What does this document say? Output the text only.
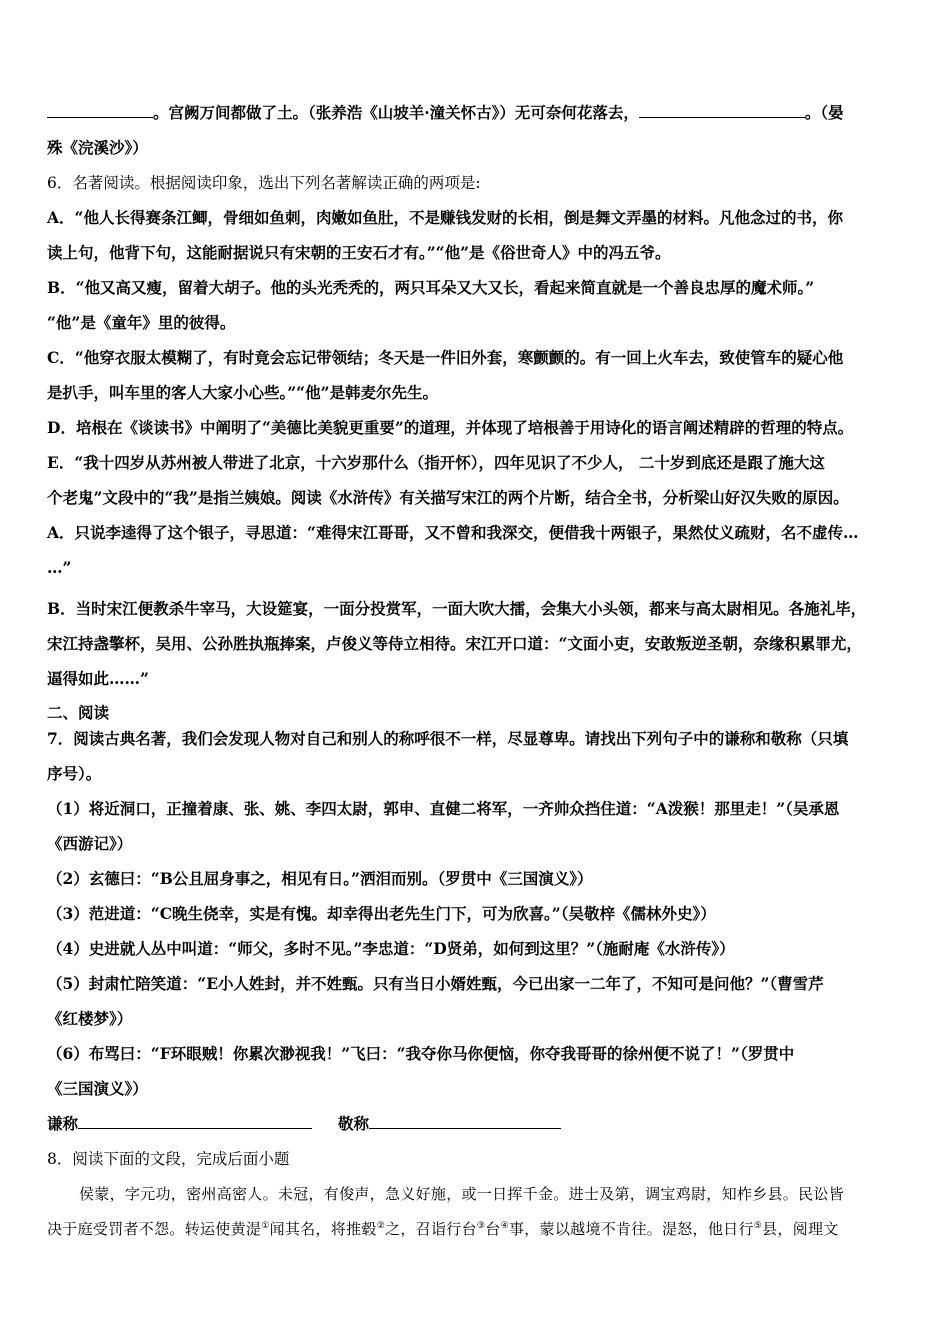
。宫阙万间都做了土。（张养浩《山坡羊·潼关怀古》）无可奈何花落去，	。（晏
殊《浣溪沙》）
6．名著阅读。根据阅读印象，选出下列名著解读正确的两项是:
A．“他人长得赛条江鲫，骨细如鱼刺，肉嫩如鱼肚，不是赚钱发财的长相，倒是舞文弄墨的材料。凡他念过的书，你
读上句，他背下句，这能耐据说只有宋朝的王安石才有。”“他”是《俗世奇人》中的冯五爷。
B．“他又高又瘦，留着大胡子。他的头光秃秃的，两只耳朵又大又长，看起来简直就是一个善良忠厚的魔术师。”
“他”是《童年》里的彼得。
C．“他穿衣服太模糊了，有时竟会忘记带领结；冬天是一件旧外套，寒颤颤的。有一回上火车去，致使管车的疑心他
是扒手，叫车里的客人大家小心些。”“他”是韩麦尔先生。
D．培根在《谈读书》中阐明了“美德比美貌更重要”的道理，并体现了培根善于用诗化的语言阐述精辟的哲理的特点。
E．“我十四岁从苏州被人带进了北京，十六岁那什么（指开怀），四年见识了不少人， 二十岁到底还是跟了施大这
个老鬼”文段中的“我”是指兰姨娘。阅读《水浒传》有关描写宋江的两个片断，结合全书，分析梁山好汉失败的原因。
A．只说李逵得了这个银子，寻思道：“难得宋江哥哥，又不曾和我深交，便借我十两银子，果然仗义疏财，名不虚传…
…”
B．当时宋江便教杀牛宰马，大设筵宴，一面分投赏军，一面大吹大擂，会集大小头领，都来与高太尉相见。各施礼毕，
宋江持盏擎杯，吴用、公孙胜执瓶捧案，卢俊义等侍立相待。宋江开口道：“文面小吏，安敢叛逆圣朝，奈缘积累罪尤，
逼得如此……”
二、阅读
7．阅读古典名著，我们会发现人物对自己和别人的称呼很不一样，尽显尊卑。请找出下列句子中的谦称和敬称（只填
序号）。
（1）将近洞口，正撞着康、张、姚、李四太尉，郭申、直健二将军，一齐帅众挡住道：“A泼猴！那里走！”（吴承恩
《西游记》）
（2）玄德曰：“B公且屈身事之，相见有日。”洒泪而别。（罗贯中《三国演义》）
（3）范进道：“C晚生侥幸，实是有愧。却幸得出老先生门下，可为欣喜。”（吴敬梓《儒林外史》）
（4）史进就人丛中叫道：“师父，多时不见。”李忠道：“D贤弟，如何到这里？”（施耐庵《水浒传》）
（5）封肃忙陪笑道：“E小人姓封，并不姓甄。只有当日小婿姓甄，今已出家一二年了，不知可是问他？”（曹雪芹
《红楼梦》）
（6）布骂曰：“F环眼贼！你累次渺视我！”飞曰：“我夺你马你便恼，你夺我哥哥的徐州便不说了！”（罗贯中
《三国演义》）
谦称	敬称
8．阅读下面的文段，完成后面小题
侯蒙，字元功，密州高密人。未冠，有俊声，急义好施，或一日挥千金。进士及第，调宝鸡尉，知柞乡县。民讼皆
决于庭受罚者不怨。转运使黄湜①闻其名，将推毂②之，召诣行台③台④事，蒙以越境不肯往。湜怒，他日行⑤县，阅理文
